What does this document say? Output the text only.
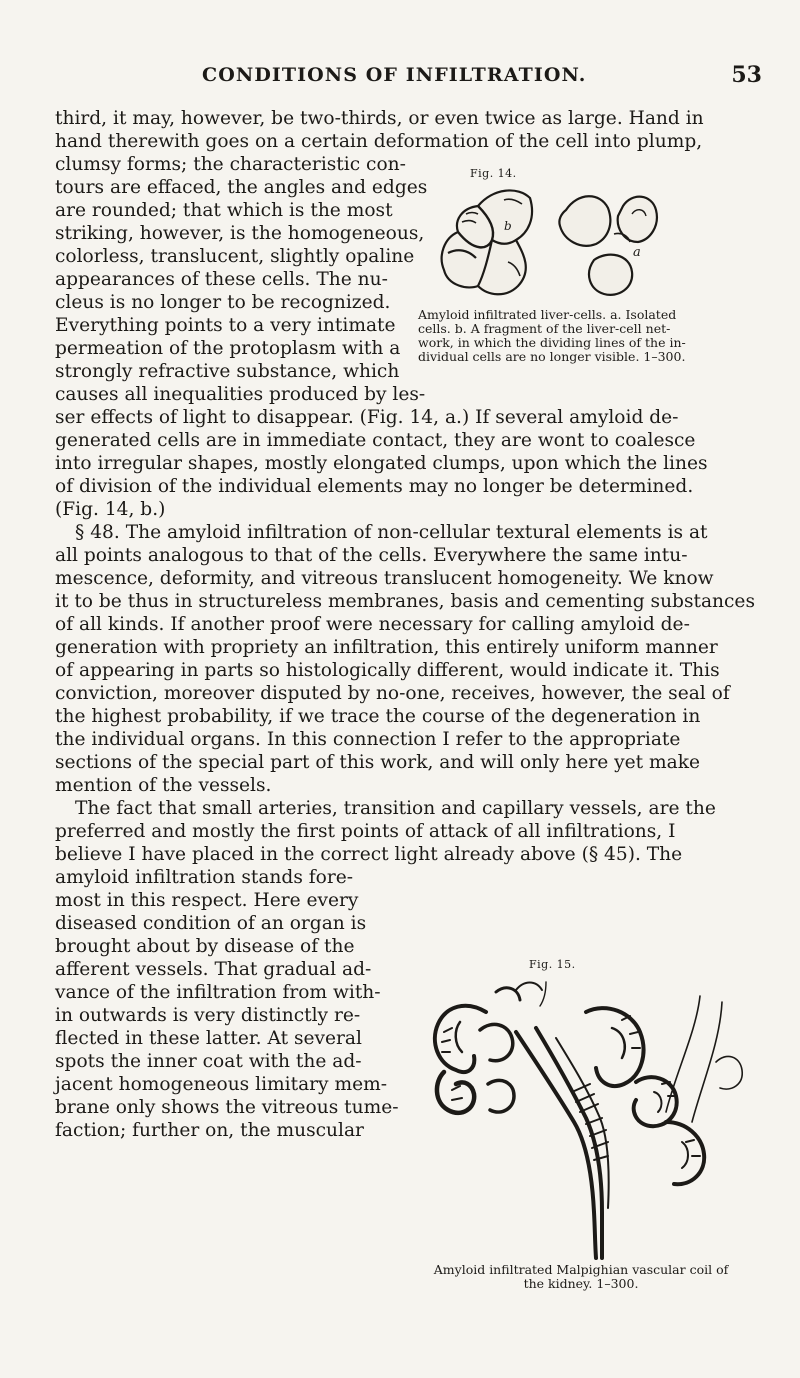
CONDITIONS OF INFILTRATION.	53
third, it may, however, be two-thirds, or even twice as large. Hand in
hand therewith goes on a certain deformation of the cell into plump,
clumsy forms; the characteristic con-
tours are effaced, the angles and edges
are rounded; that which is the most
striking, however, is the homogeneous,
colorless, translucent, slightly opaline
appearances of these cells. The nu-
cleus is no longer to be recognized.
Everything points to a very intimate
permeation of the protoplasm with a
strongly refractive substance, which
Fig. 14.
b
a
Amyloid infiltrated liver-cells. a. Isolated
cells. b. A fragment of the liver-cell net-
work, in which the dividing lines of the in-
dividual cells are no longer visible. 1–300.
causes all inequalities produced by les-
ser effects of light to disappear. (Fig. 14, a.) If several amyloid de-
generated cells are in immediate contact, they are wont to coalesce
into irregular shapes, mostly elongated clumps, upon which the lines
of division of the individual elements may no longer be determined.
(Fig. 14, b.)
§ 48. The amyloid infiltration of non-cellular textural elements is at
all points analogous to that of the cells. Everywhere the same intu-
mescence, deformity, and vitreous translucent homogeneity. We know
it to be thus in structureless membranes, basis and cementing substances
of all kinds. If another proof were necessary for calling amyloid de-
generation with propriety an infiltration, this entirely uniform manner
of appearing in parts so histologically different, would indicate it. This
conviction, moreover disputed by no-one, receives, however, the seal of
the highest probability, if we trace the course of the degeneration in
the individual organs. In this connection I refer to the appropriate
sections of the special part of this work, and will only here yet make
mention of the vessels.
The fact that small arteries, transition and capillary vessels, are the
preferred and mostly the first points of attack of all infiltrations, I
believe I have placed in the correct light already above (§ 45). The
amyloid infiltration stands fore-
most in this respect. Here every
diseased condition of an organ is
brought about by disease of the
afferent vessels. That gradual ad-
vance of the infiltration from with-
in outwards is very distinctly re-
flected in these latter. At several
spots the inner coat with the ad-
jacent homogeneous limitary mem-
brane only shows the vitreous tume-
faction; further on, the muscular
Fig. 15.
Amyloid infiltrated Malpighian vascular coil of
the kidney. 1–300.
